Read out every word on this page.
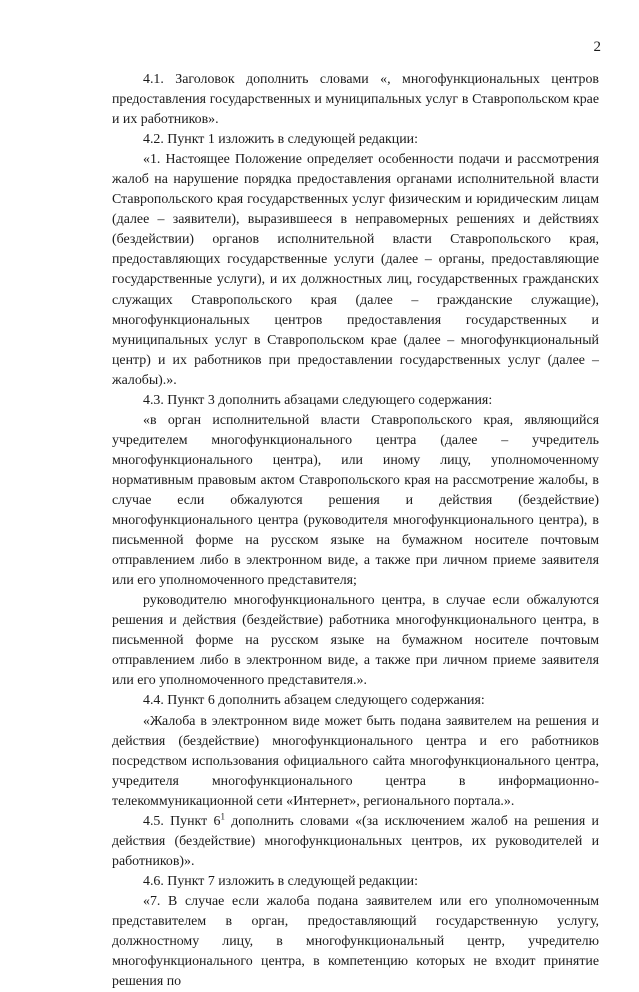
2

4.1. Заголовок дополнить словами «, многофункциональных центров предоставления государственных и муниципальных услуг в Ставропольском крае и их работников».

4.2. Пункт 1 изложить в следующей редакции:

«1. Настоящее Положение определяет особенности подачи и рассмотрения жалоб на нарушение порядка предоставления органами исполнительной власти Ставропольского края государственных услуг физическим и юридическим лицам (далее – заявители), выразившееся в неправомерных решениях и действиях (бездействии) органов исполнительной власти Ставропольского края, предоставляющих государственные услуги (далее – органы, предоставляющие государственные услуги), и их должностных лиц, государственных гражданских служащих Ставропольского края (далее – гражданские служащие), многофункциональных центров предоставления государственных и муниципальных услуг в Ставропольском крае (далее – многофункциональный центр) и их работников при предоставлении государственных услуг (далее – жалобы).».

4.3. Пункт 3 дополнить абзацами следующего содержания:

«в орган исполнительной власти Ставропольского края, являющийся учредителем многофункционального центра (далее – учредитель многофункционального центра), или иному лицу, уполномоченному нормативным правовым актом Ставропольского края на рассмотрение жалобы, в случае если обжалуются решения и действия (бездействие) многофункционального центра (руководителя многофункционального центра), в письменной форме на русском языке на бумажном носителе почтовым отправлением либо в электронном виде, а также при личном приеме заявителя или его уполномоченного представителя;

руководителю многофункционального центра, в случае если обжалуются решения и действия (бездействие) работника многофункционального центра, в письменной форме на русском языке на бумажном носителе почтовым отправлением либо в электронном виде, а также при личном приеме заявителя или его уполномоченного представителя.».

4.4. Пункт 6 дополнить абзацем следующего содержания:

«Жалоба в электронном виде может быть подана заявителем на решения и действия (бездействие) многофункционального центра и его работников посредством использования официального сайта многофункционального центра, учредителя многофункционального центра в информационно-телекоммуникационной сети «Интернет», регионального портала.».

4.5. Пункт $6^1$ дополнить словами «(за исключением жалоб на решения и действия (бездействие) многофункциональных центров, их руководителей и работников)».

4.6. Пункт 7 изложить в следующей редакции:

«7. В случае если жалоба подана заявителем или его уполномоченным представителем в орган, предоставляющий государственную услугу, должностному лицу, в многофункциональный центр, учредителю многофункционального центра, в компетенцию которых не входит принятие решения по
